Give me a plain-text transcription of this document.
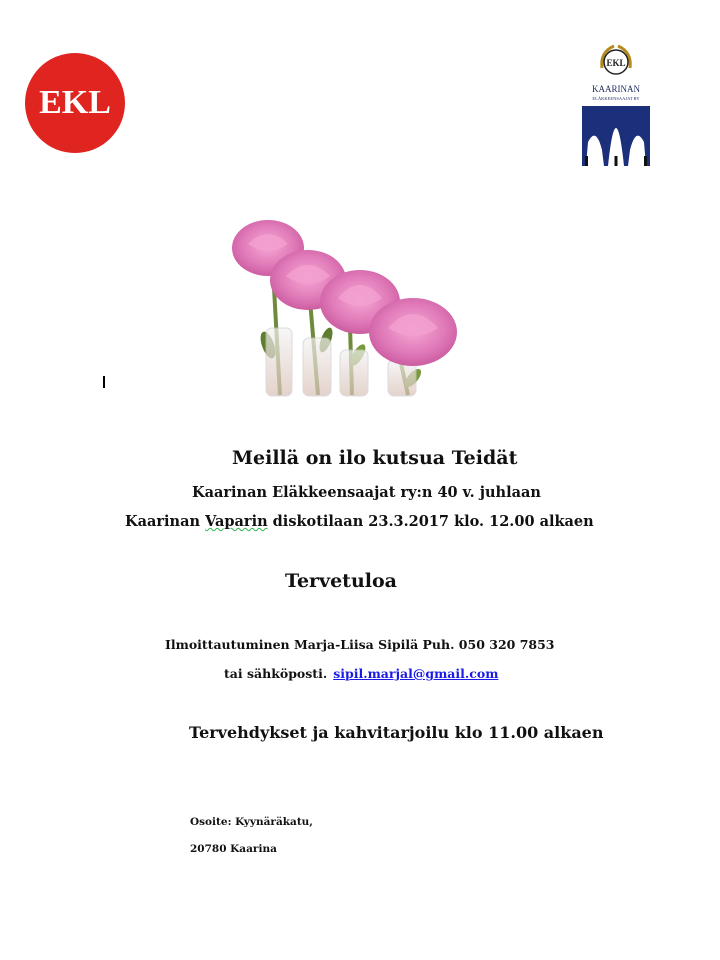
EKL
EKL
KAARINAN
ELÄKKEENSAAJAT RY
Meillä on ilo kutsua Teidät
Kaarinan Eläkkeensaajat ry:n 40 v. juhlaan
Kaarinan Vaparin diskotilaan 23.3.2017 klo. 12.00 alkaen
Tervetuloa
Ilmoittautuminen Marja-Liisa Sipilä Puh. 050 320 7853
tai sähköposti. sipil.marjal@gmail.com
Tervehdykset ja kahvitarjoilu klo 11.00 alkaen
Osoite: Kyynäräkatu,
20780 Kaarina
